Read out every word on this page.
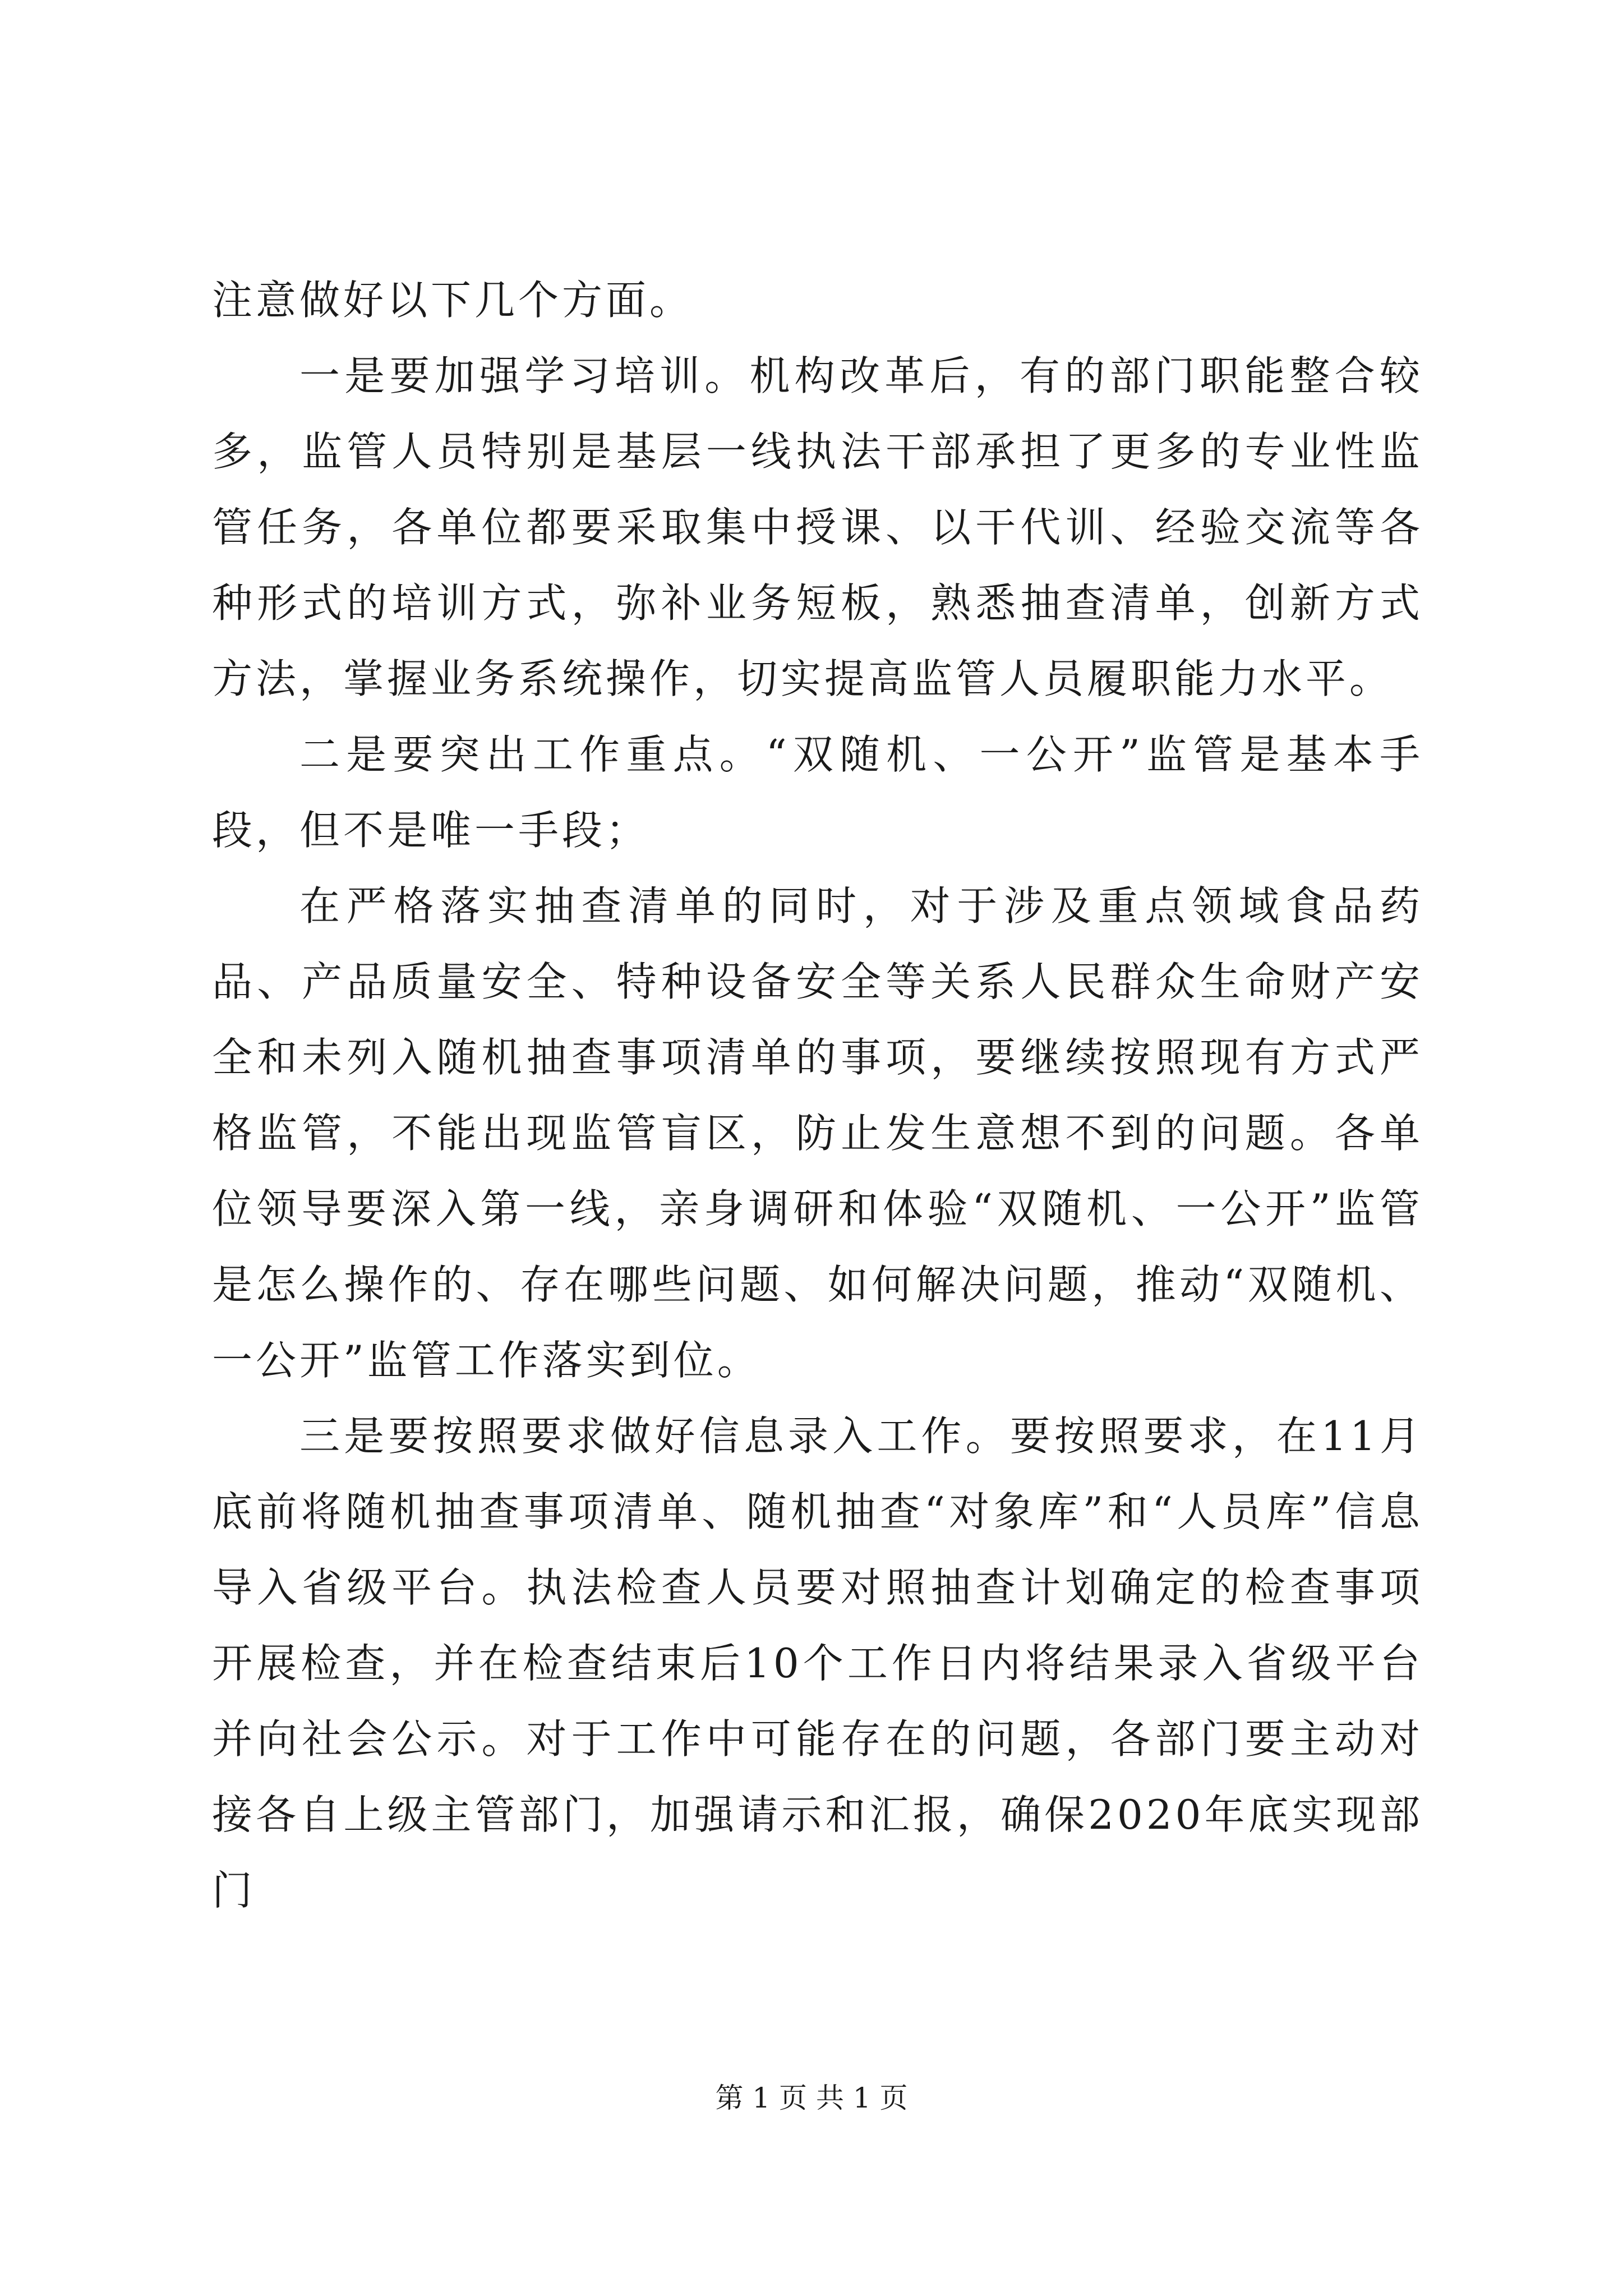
注意做好以下几个方面。

一是要加强学习培训。机构改革后，有的部门职能整合较多，监管人员特别是基层一线执法干部承担了更多的专业性监管任务，各单位都要采取集中授课、以干代训、经验交流等各种形式的培训方式，弥补业务短板，熟悉抽查清单，创新方式方法，掌握业务系统操作，切实提高监管人员履职能力水平。

二是要突出工作重点。“双随机、一公开”监管是基本手段，但不是唯一手段；

在严格落实抽查清单的同时，对于涉及重点领域食品药品、产品质量安全、特种设备安全等关系人民群众生命财产安全和未列入随机抽查事项清单的事项，要继续按照现有方式严格监管，不能出现监管盲区，防止发生意想不到的问题。各单位领导要深入第一线，亲身调研和体验“双随机、一公开”监管是怎么操作的、存在哪些问题、如何解决问题，推动“双随机、一公开”监管工作落实到位。

三是要按照要求做好信息录入工作。要按照要求，在11月底前将随机抽查事项清单、随机抽查“对象库”和“人员库”信息导入省级平台。执法检查人员要对照抽查计划确定的检查事项开展检查，并在检查结束后10个工作日内将结果录入省级平台并向社会公示。对于工作中可能存在的问题，各部门要主动对接各自上级主管部门，加强请示和汇报，确保2020年底实现部门

第 1 页 共 1 页
